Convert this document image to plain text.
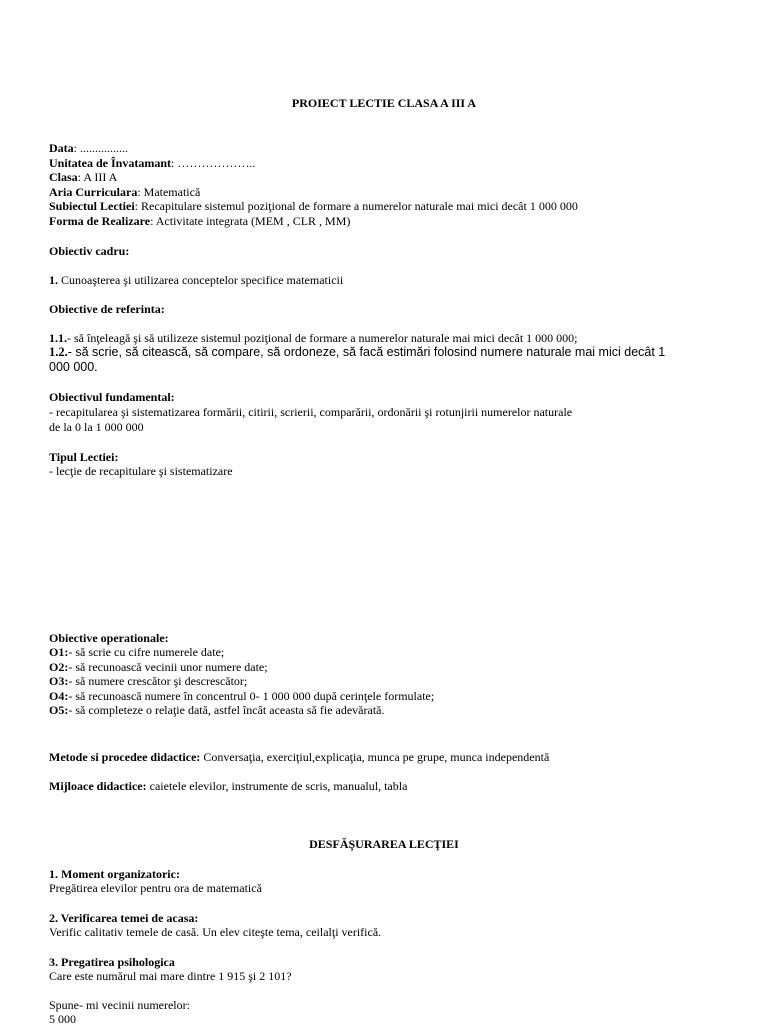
PROIECT LECTIE CLASA A III A
Data: ................
Unitatea de Învatamant: ………………..
Clasa: A III A
Aria Curriculara: Matematică
Subiectul Lectiei: Recapitulare sistemul poziţional de formare a numerelor naturale mai mici decât 1 000 000
Forma de Realizare: Activitate integrata (MEM , CLR , MM)
Obiectiv cadru:
1. Cunoaşterea şi utilizarea conceptelor specifice matematicii
Obiective de referinta:
1.1.- să înţeleagă şi să utilizeze sistemul poziţional de formare a numerelor naturale mai mici decât 1 000 000;
1.2.- să scrie, să citească, să compare, să ordoneze, să facă estimări folosind numere naturale mai mici decât 1 000 000.
Obiectivul fundamental:
- recapitularea şi sistematizarea formării, citirii, scrierii, comparării, ordonării şi rotunjirii numerelor naturale
de la 0 la 1 000 000
Tipul Lectiei:
- lecţie de recapitulare şi sistematizare
Obiective operationale:
O1:- să scrie cu cifre numerele date;
O2:- să recunoască vecinii unor numere date;
O3:- să numere crescător şi descrescător;
O4:- să recunoască numere în concentrul 0- 1 000 000 după cerinţele formulate;
O5:- să completeze o relaţie dată, astfel încât aceasta să fie adevărată.
Metode si procedee didactice: Conversaţia, exerciţiul,explicaţia, munca pe grupe, munca independentă
Mijloace didactice: caietele elevilor, instrumente de scris, manualul, tabla
DESFĂŞURAREA LECŢIEI
1. Moment organizatoric:
Pregătirea elevilor pentru ora de matematică
2. Verificarea temei de acasa:
Verific calitativ temele de casă. Un elev citeşte tema, ceilalţi verifică.
3. Pregatirea psihologica
Care este numărul mai mare dintre 1 915 şi 2 101?
Spune- mi vecinii numerelor:
5 000
